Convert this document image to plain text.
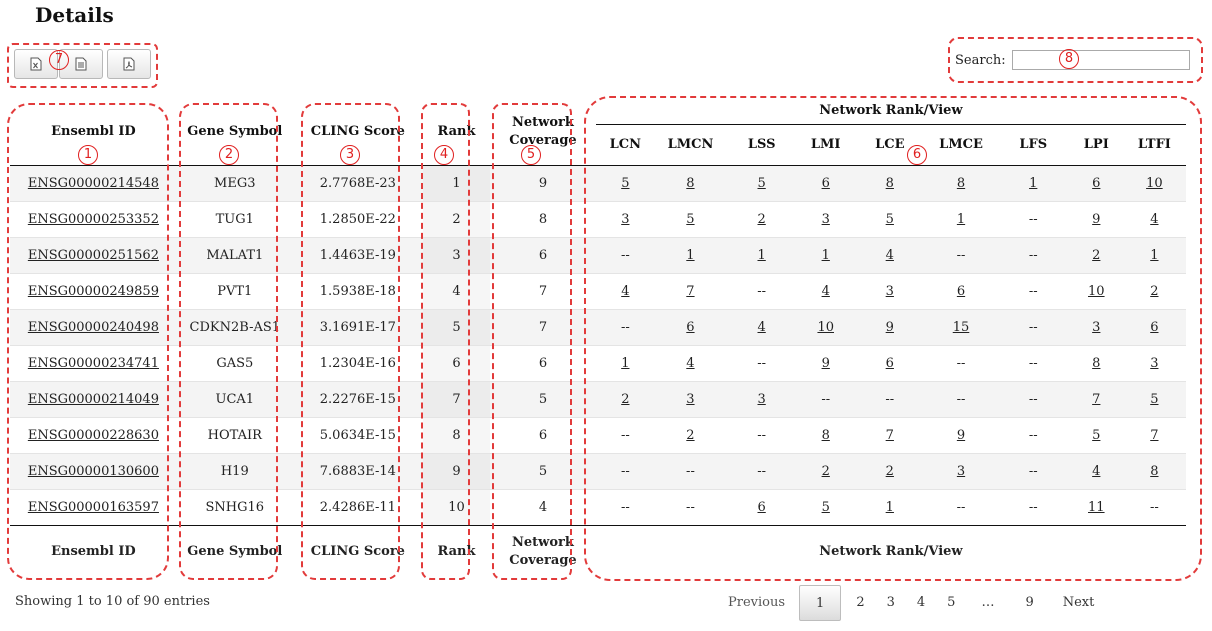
Details
Search:
Ensembl ID	Gene Symbol	CLING Score	Rank	Network Coverage	Network Rank/View								
					LCN	LMCN	LSS	LMI	LCE	LMCE	LFS	LPI	LTFI
ENSG00000214548	MEG3	2.7768E-23	1	9	5	8	5	6	8	8	1	6	10
ENSG00000253352	TUG1	1.2850E-22	2	8	3	5	2	3	5	1	--	9	4
ENSG00000251562	MALAT1	1.4463E-19	3	6	--	1	1	1	4	--	--	2	1
ENSG00000249859	PVT1	1.5938E-18	4	7	4	7	--	4	3	6	--	10	2
ENSG00000240498	CDKN2B-AS1	3.1691E-17	5	7	--	6	4	10	9	15	--	3	6
ENSG00000234741	GAS5	1.2304E-16	6	6	1	4	--	9	6	--	--	8	3
ENSG00000214049	UCA1	2.2276E-15	7	5	2	3	3	--	--	--	--	7	5
ENSG00000228630	HOTAIR	5.0634E-15	8	6	--	2	--	8	7	9	--	5	7
ENSG00000130600	H19	7.6883E-14	9	5	--	--	--	2	2	3	--	4	8
ENSG00000163597	SNHG16	2.4286E-11	10	4	--	--	6	5	1	--	--	11	--
Ensembl ID	Gene Symbol	CLING Score	Rank	Network Coverage	Network Rank/View								
1	2	3	4	5	6
7	8
Showing 1 to 10 of 90 entries	Previous	1	2	3	4	5	…	9	Next
